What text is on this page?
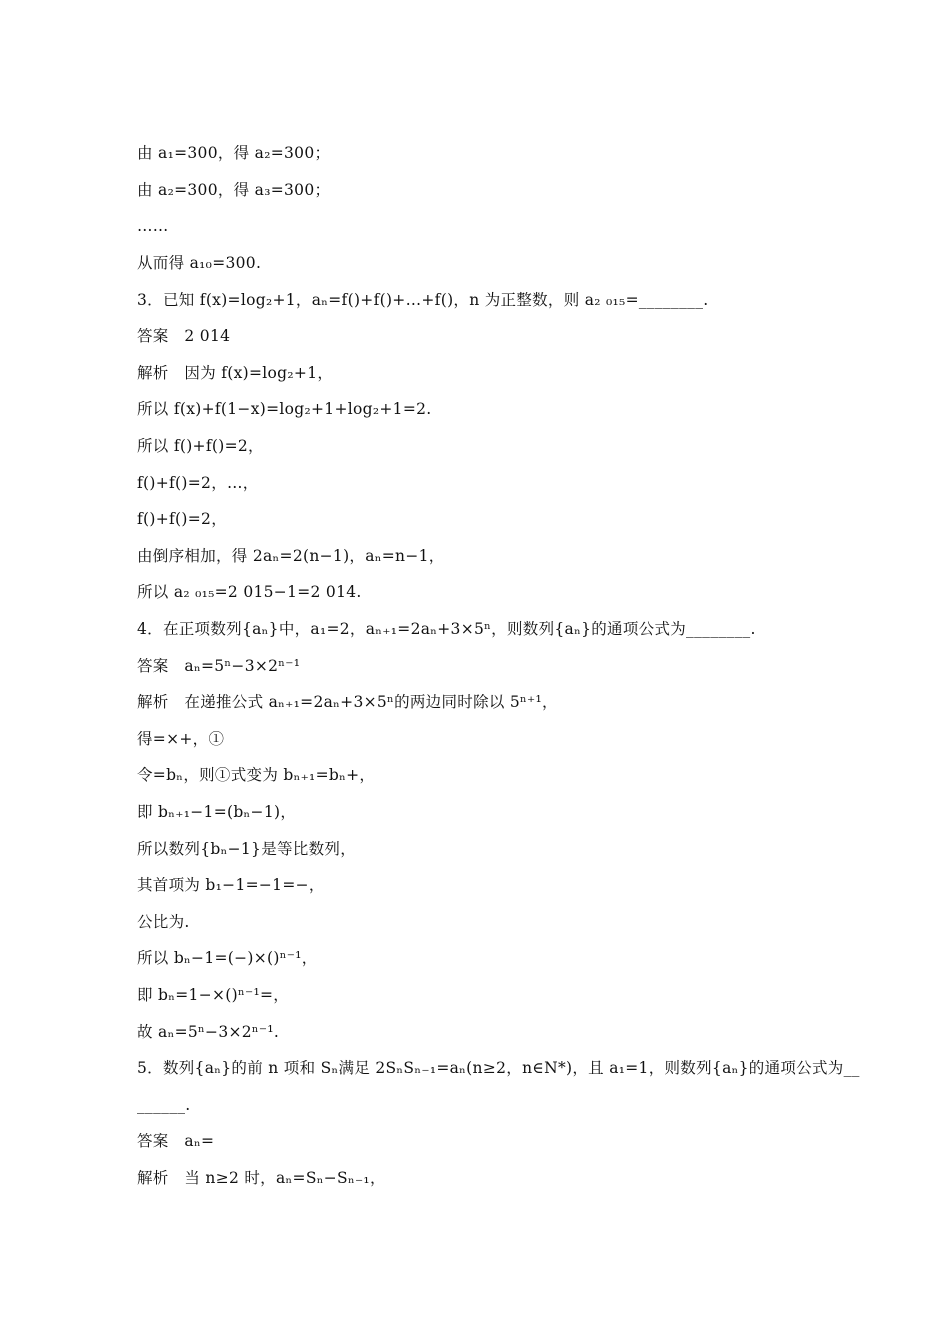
由 a₁=300，得 a₂=300；
由 a₂=300，得 a₃=300；
……
从而得 a₁₀=300.
3．已知 f(x)=log₂+1，aₙ=f()+f()+…+f()，n 为正整数，则 a₂ ₀₁₅=________.
答案　2 014
解析　因为 f(x)=log₂+1，
所以 f(x)+f(1−x)=log₂+1+log₂+1=2.
所以 f()+f()=2，
f()+f()=2，…，
f()+f()=2，
由倒序相加，得 2aₙ=2(n−1)，aₙ=n−1，
所以 a₂ ₀₁₅=2 015−1=2 014.
4．在正项数列{aₙ}中，a₁=2，aₙ₊₁=2aₙ+3×5ⁿ，则数列{aₙ}的通项公式为________.
答案　aₙ=5ⁿ−3×2ⁿ⁻¹
解析　在递推公式 aₙ₊₁=2aₙ+3×5ⁿ的两边同时除以 5ⁿ⁺¹，
得=×+，①
令=bₙ，则①式变为 bₙ₊₁=bₙ+，
即 bₙ₊₁−1=(bₙ−1)，
所以数列{bₙ−1}是等比数列，
其首项为 b₁−1=−1=−，
公比为.
所以 bₙ−1=(−)×()ⁿ⁻¹，
即 bₙ=1−×()ⁿ⁻¹=，
故 aₙ=5ⁿ−3×2ⁿ⁻¹.
5．数列{aₙ}的前 n 项和 Sₙ满足 2SₙSₙ₋₁=aₙ(n≥2，n∈N*)，且 a₁=1，则数列{aₙ}的通项公式为__
______.
答案　aₙ=
解析　当 n≥2 时，aₙ=Sₙ−Sₙ₋₁，
